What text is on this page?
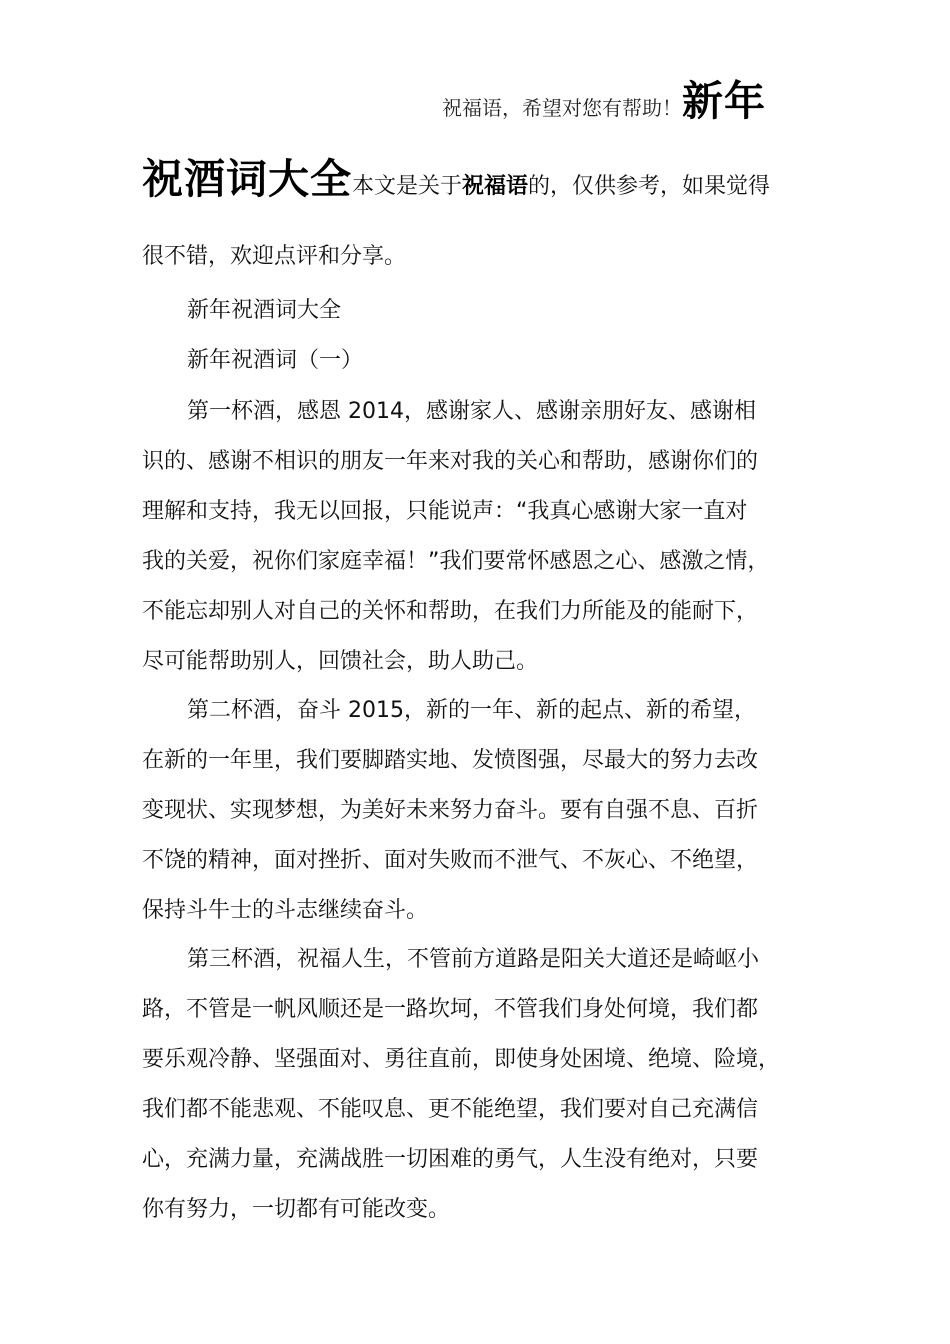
祝福语，希望对您有帮助！新年
祝酒词大全本文是关于祝福语的，仅供参考，如果觉得
很不错，欢迎点评和分享。
新年祝酒词大全
新年祝酒词（一）
第一杯酒，感恩 2014，感谢家人、感谢亲朋好友、感谢相
识的、感谢不相识的朋友一年来对我的关心和帮助，感谢你们的
理解和支持，我无以回报，只能说声：“我真心感谢大家一直对
我的关爱，祝你们家庭幸福！”我们要常怀感恩之心、感激之情，
不能忘却别人对自己的关怀和帮助，在我们力所能及的能耐下，
尽可能帮助别人，回馈社会，助人助己。
第二杯酒，奋斗 2015，新的一年、新的起点、新的希望，
在新的一年里，我们要脚踏实地、发愤图强，尽最大的努力去改
变现状、实现梦想，为美好未来努力奋斗。要有自强不息、百折
不饶的精神，面对挫折、面对失败而不泄气、不灰心、不绝望，
保持斗牛士的斗志继续奋斗。
第三杯酒，祝福人生，不管前方道路是阳关大道还是崎岖小
路，不管是一帆风顺还是一路坎坷，不管我们身处何境，我们都
要乐观冷静、坚强面对、勇往直前，即使身处困境、绝境、险境，
我们都不能悲观、不能叹息、更不能绝望，我们要对自己充满信
心，充满力量，充满战胜一切困难的勇气，人生没有绝对，只要
你有努力，一切都有可能改变。
